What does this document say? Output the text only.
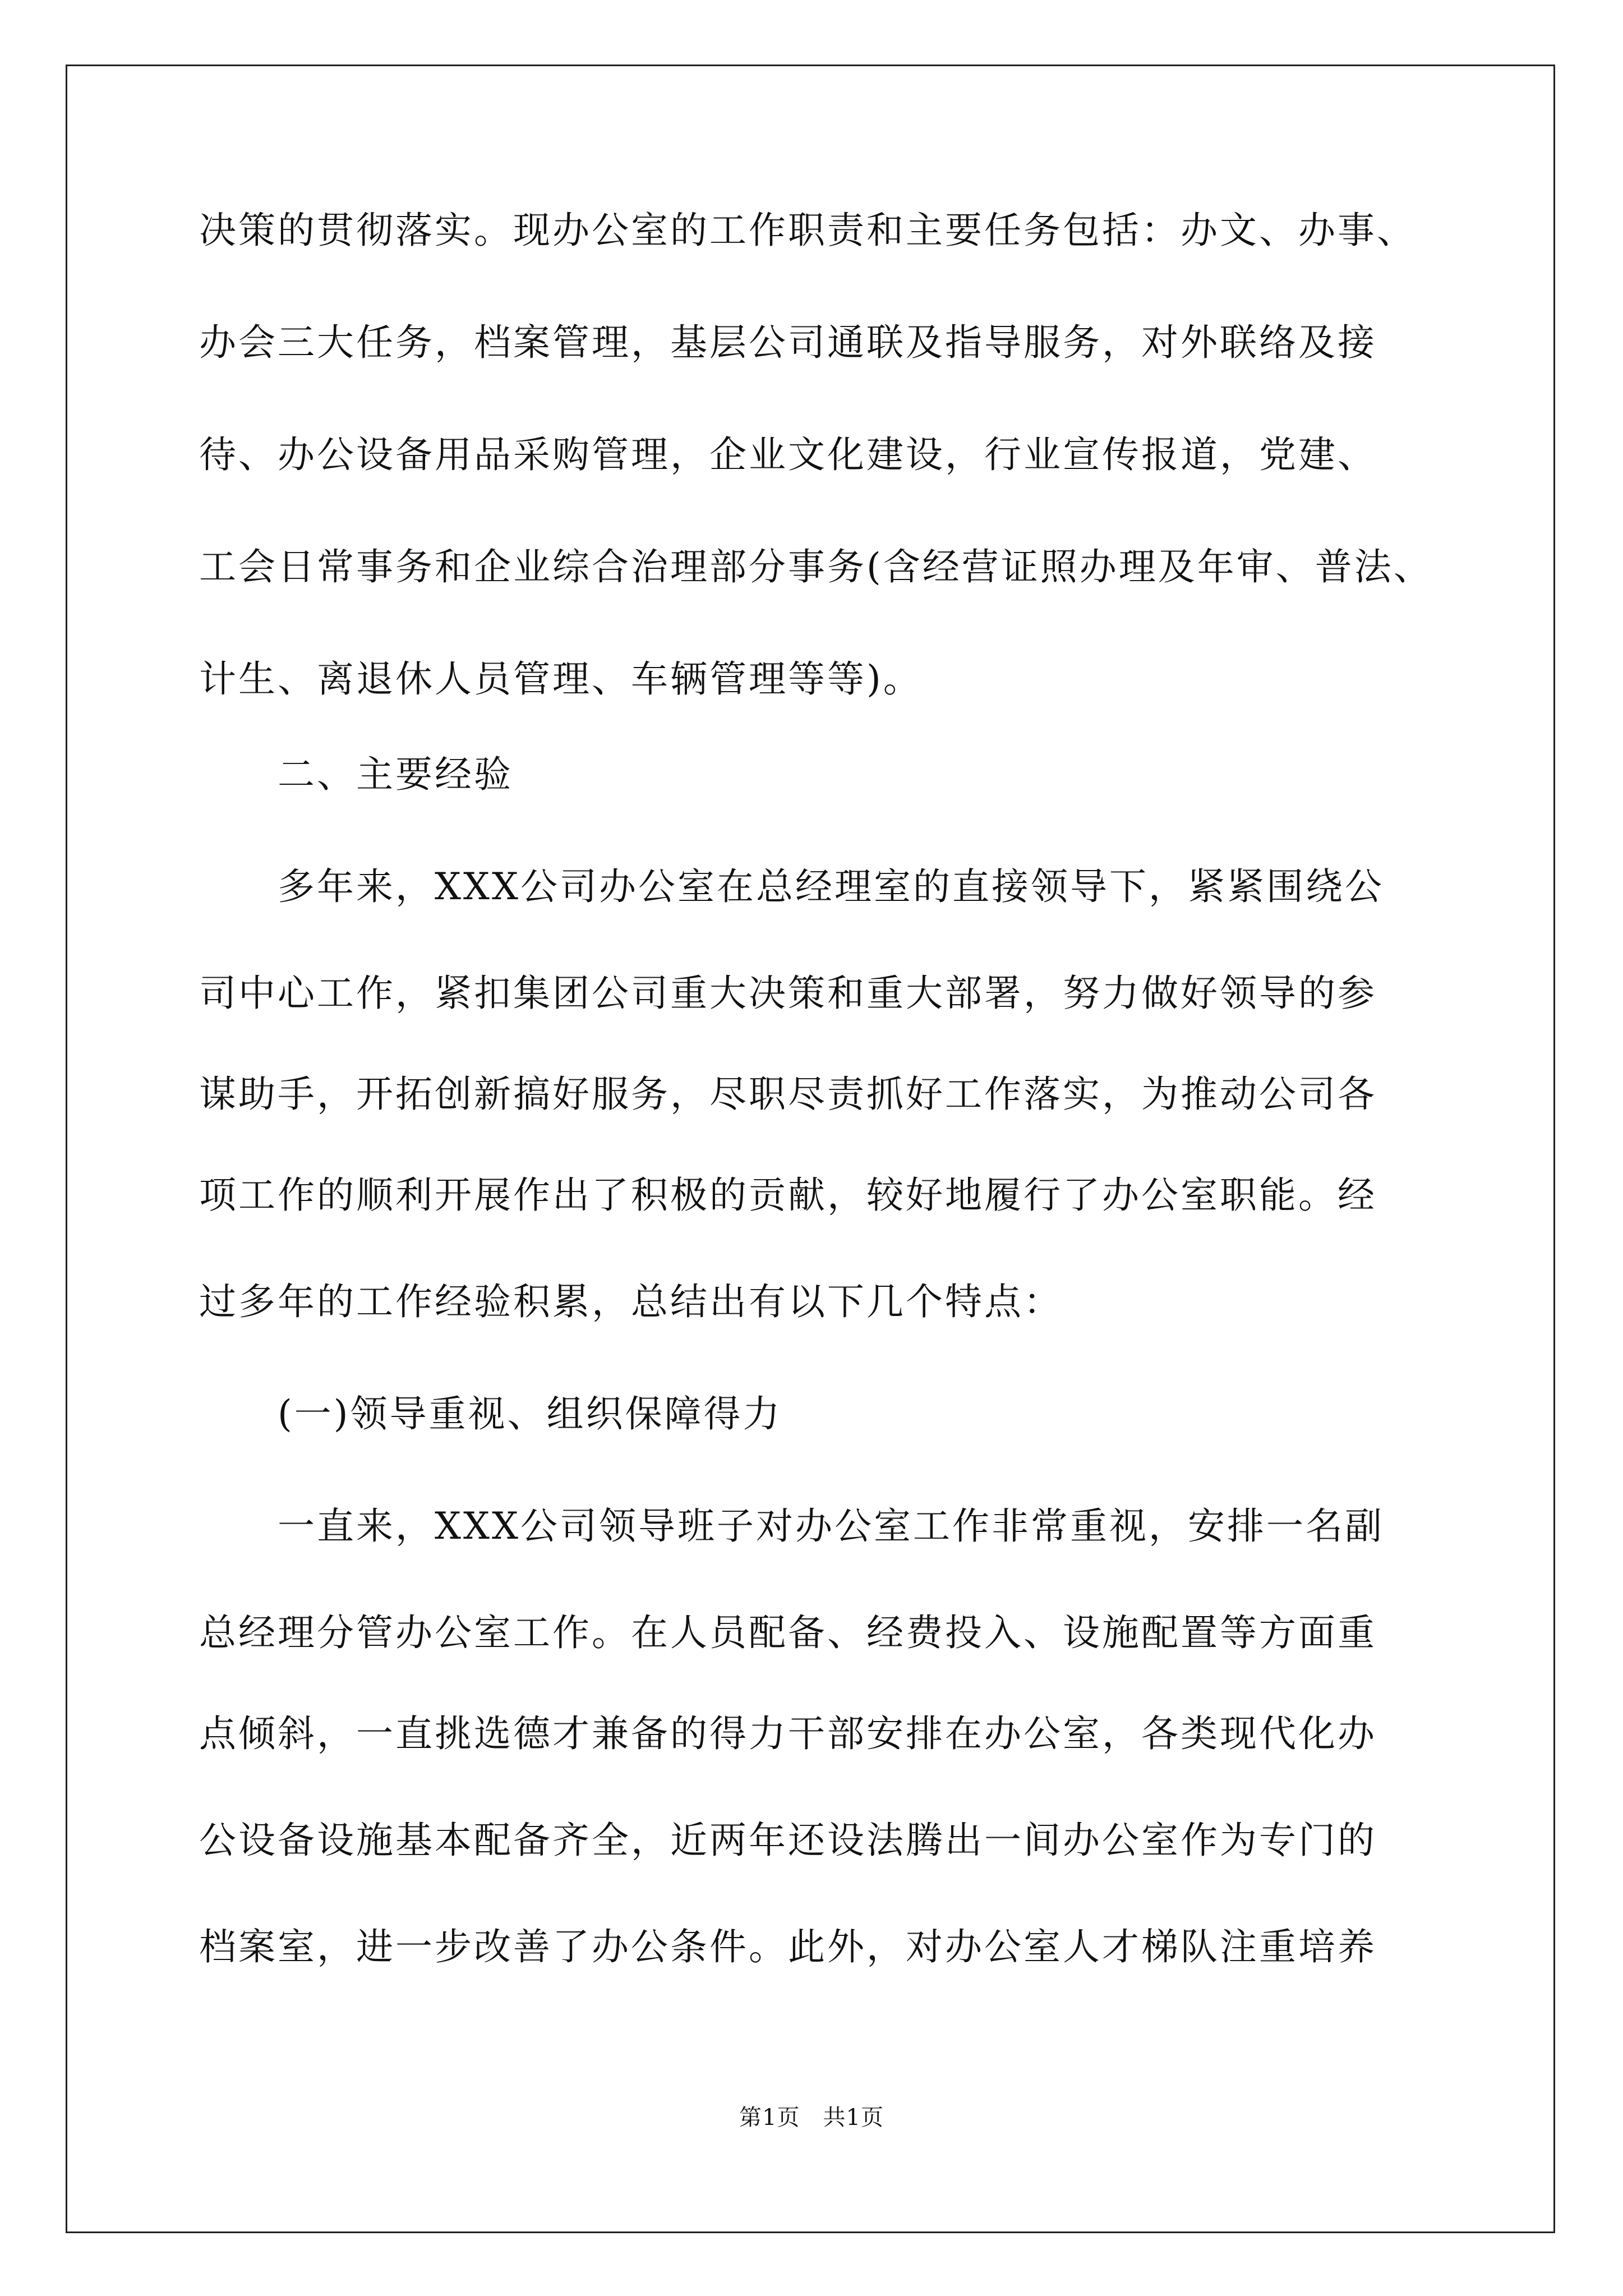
决策的贯彻落实。现办公室的工作职责和主要任务包括：办文、办事、
办会三大任务，档案管理，基层公司通联及指导服务，对外联络及接
待、办公设备用品采购管理，企业文化建设，行业宣传报道，党建、
工会日常事务和企业综合治理部分事务(含经营证照办理及年审、普法、
计生、离退休人员管理、车辆管理等等)。
　　二、主要经验
　　多年来，XXX公司办公室在总经理室的直接领导下，紧紧围绕公
司中心工作，紧扣集团公司重大决策和重大部署，努力做好领导的参
谋助手，开拓创新搞好服务，尽职尽责抓好工作落实，为推动公司各
项工作的顺利开展作出了积极的贡献，较好地履行了办公室职能。经
过多年的工作经验积累，总结出有以下几个特点：
　　(一)领导重视、组织保障得力
　　一直来，XXX公司领导班子对办公室工作非常重视，安排一名副
总经理分管办公室工作。在人员配备、经费投入、设施配置等方面重
点倾斜，一直挑选德才兼备的得力干部安排在办公室，各类现代化办
公设备设施基本配备齐全，近两年还设法腾出一间办公室作为专门的
档案室，进一步改善了办公条件。此外，对办公室人才梯队注重培养
第1页　共1页
